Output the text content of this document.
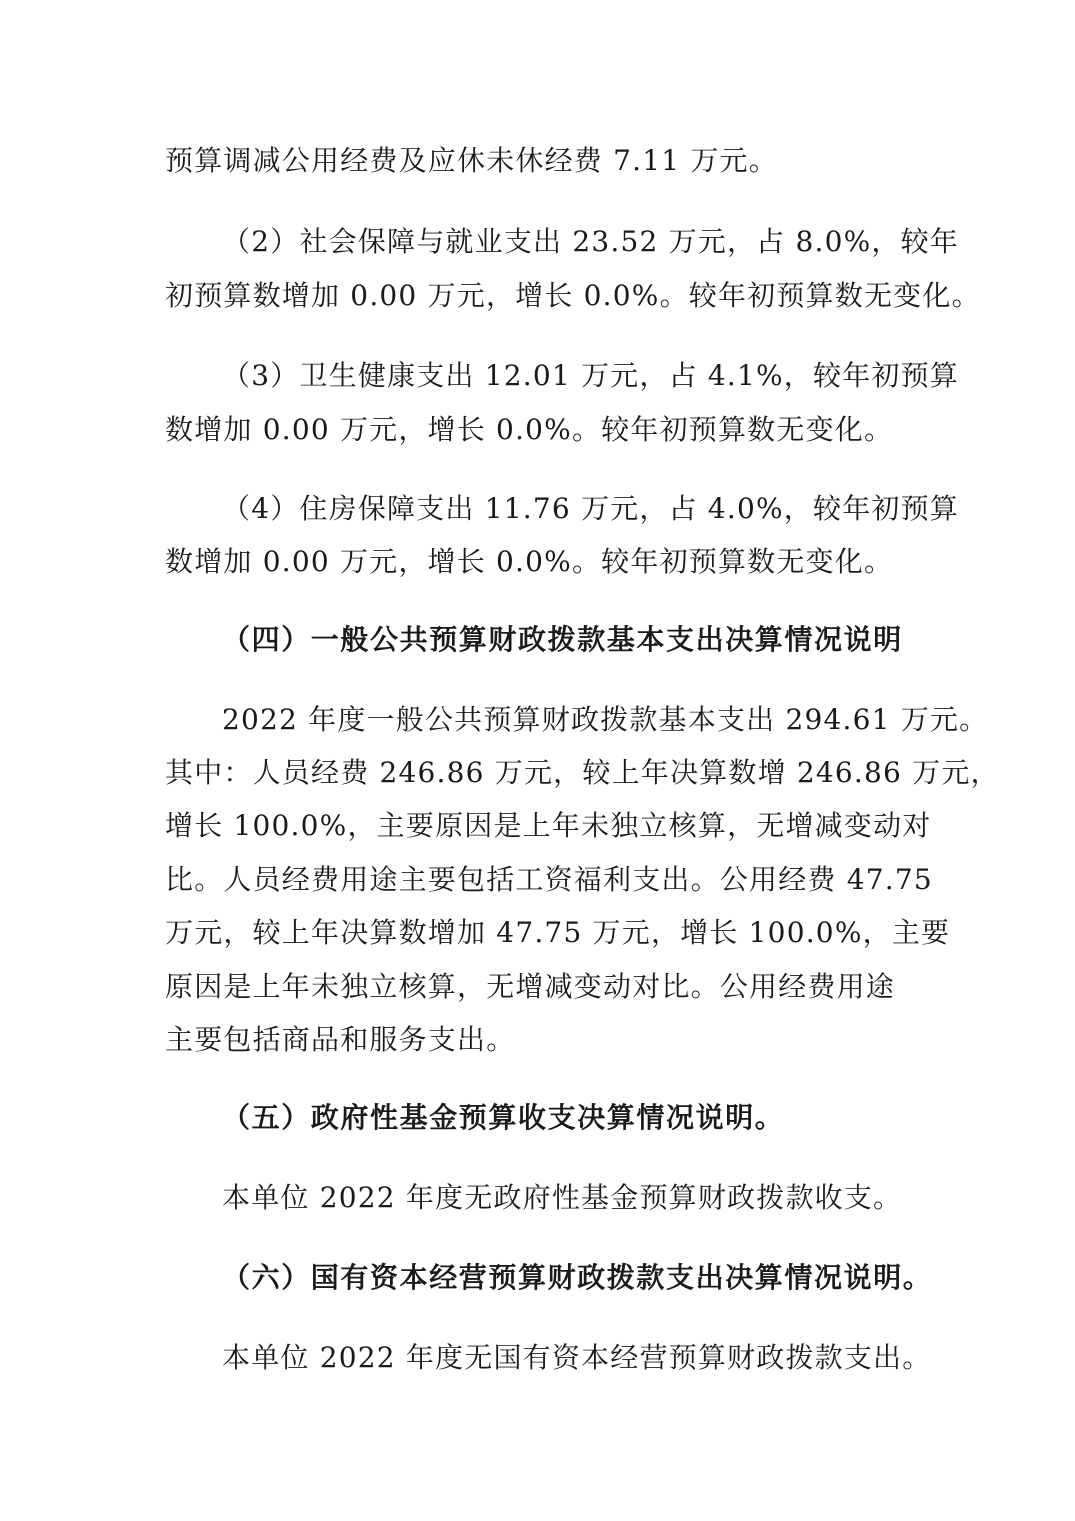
预算调减公用经费及应休未休经费 7.11 万元。
（2）社会保障与就业支出 23.52 万元，占 8.0%，较年
初预算数增加 0.00 万元，增长 0.0%。较年初预算数无变化。
（3）卫生健康支出 12.01 万元，占 4.1%，较年初预算
数增加 0.00 万元，增长 0.0%。较年初预算数无变化。
（4）住房保障支出 11.76 万元，占 4.0%，较年初预算
数增加 0.00 万元，增长 0.0%。较年初预算数无变化。
（四）一般公共预算财政拨款基本支出决算情况说明
2022 年度一般公共预算财政拨款基本支出 294.61 万元。
其中：人员经费 246.86 万元，较上年决算数增 246.86 万元，
增长 100.0%，主要原因是上年未独立核算，无增减变动对
比。人员经费用途主要包括工资福利支出。公用经费 47.75
万元，较上年决算数增加 47.75 万元，增长 100.0%，主要
原因是上年未独立核算，无增减变动对比。公用经费用途
主要包括商品和服务支出。
（五）政府性基金预算收支决算情况说明。
本单位 2022 年度无政府性基金预算财政拨款收支。
（六）国有资本经营预算财政拨款支出决算情况说明。
本单位 2022 年度无国有资本经营预算财政拨款支出。
